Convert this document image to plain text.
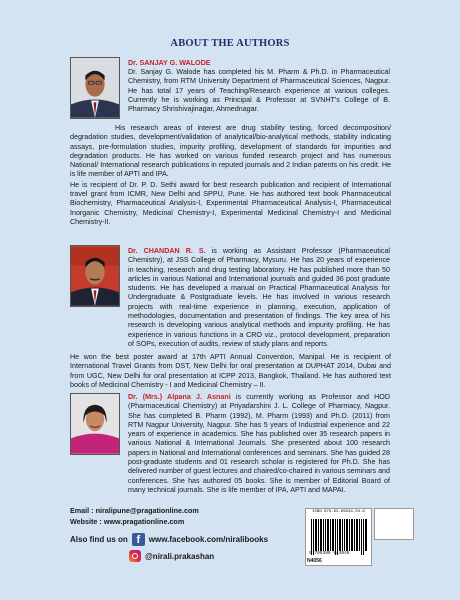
ABOUT THE AUTHORS

Dr. SANJAY G. WALODE

Dr. Sanjay G. Walode has completed his M. Pharm & Ph.D. in Pharmaceutical Chemistry, from RTM University Department of Pharmaceutical Sciences, Nagpur. He has total 17 years of Teaching/Research experience at various colleges. Currently he is working as Principal & Professor at SVNHT's College of B. Pharmacy Shrishivajinagar, Ahmednagar.

His research areas of interest are drug stability testing, forced decomposition/ degradation studies, development/validation of analytical/bio-analytical methods, stability indicating assays, pre-formulation studies, impurity profiling, development of standards for impurities and degradation products. He has worked on various funded research project and has numerous National/ International research publications in reputed journals and 2 Indian patents on his credit. He is life member of APTI and IPA.

He is recipient of Dr. P. D. Sethi award for best research publication and recipient of International travel grant from ICMR, New Delhi and SPPU, Pune. He has authored text book Pharmaceutical Biochemistry, Pharmaceutical Analysis-I, Experimental Pharmaceutical Analysis-I, Pharmaceutical Inorganic Chemistry, Medicinal Chemistry-I, Experimental Medicinal Chemistry-I and Medicinal Chemistry-II.

Dr. CHANDAN R. S. is working as Assistant Professor (Pharmaceutical Chemistry), at JSS College of Pharmacy, Mysuru. He has 20 years of experience in teaching, research and drug testing laboratory. He has published more than 50 articles in various National and International journals and guided 36 post graduate students. He has developed a manual on Practical Pharmaceutical Analysis for Undergraduate & Postgraduate levels. He has involved in various research projects with real-time experience in planning, execution, application of methodologies, documentation and presentation of findings. The key area of his research is developing various analytical methods and impurity profiling. He has experience in various functions in a CRO viz., protocol development, preparation of SOPs, execution of audits, review of study plans and reports.

He won the best poster award at 17th APTI Annual Convention, Manipal. He is recipient of International Travel Grants from DST, New Delhi for oral presentation at DUPHAT 2014, Dubai and from UGC, New Delhi for oral presentation at ICPP 2013, Bangkok, Thailand. He has authored text books of Medicinal Chemistry - I and Medicinal Chemistry – II.

Dr. (Mrs.) Alpana J. Asnani is currently working as Professor and HOD (Pharmaceutical Chemistry) at Priyadarshini J. L. College of Pharmacy, Nagpur. She has completed B. Pharm (1992), M. Pharm (1993) and Ph.D. (2011) from RTM Nagpur University, Nagpur. She has 5 years of Industrial experience and 22 years of experience in academics. She has published over 35 research papers in various National & International Journals. She presented about 100 research papers in National and International conferences and seminars. She has guided 28 post-graduate students and 01 research scholar is registered for Ph.D. She has delivered number of guest lectures and chaired/co-chaired in various seminars and conferences. She has authored 05 books. She is member of Editorial Board of many technical journals. She is life member of IPA, APTI and MAPAI.

Email : niralipune@pragationline.com
Website : www.pragationline.com
Also find us on f	www.facebook.com/niralibooks
@nirali.prakashan
ISBN 978-93-89944-04-6
N4056
9 789389 944046
